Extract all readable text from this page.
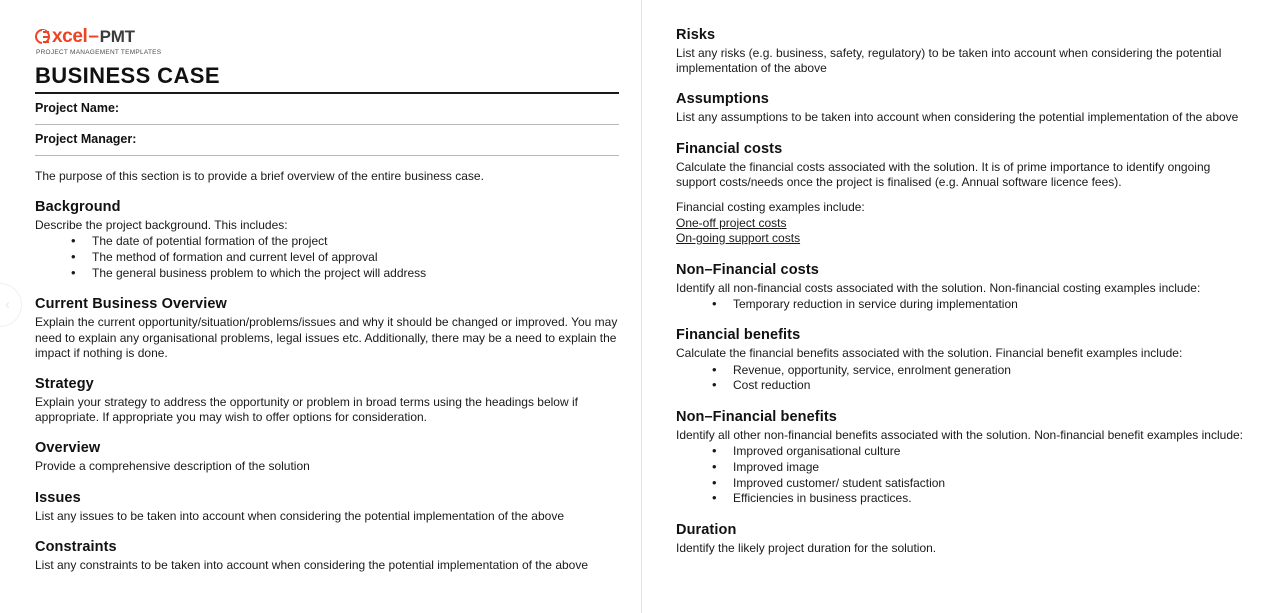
‹
xcel – PMT
PROJECT MANAGEMENT TEMPLATES
BUSINESS CASE
Project Name:
Project Manager:

The purpose of this section is to provide a brief overview of the entire business case.

Background

Describe the project background. This includes:

• The date of potential formation of the project
• The method of formation and current level of approval
• The general business problem to which the project will address
Current Business Overview

Explain the current opportunity/situation/problems/issues and why it should be changed or improved. You may need to explain any organisational problems, legal issues etc. Additionally, there may be a need to explain the impact if nothing is done.

Strategy

Explain your strategy to address the opportunity or problem in broad terms using the headings below if appropriate. If appropriate you may wish to offer options for consideration.

Overview

Provide a comprehensive description of the solution

Issues

List any issues to be taken into account when considering the potential implementation of the above

Constraints

List any constraints to be taken into account when considering the potential implementation of the above

Risks

List any risks (e.g. business, safety, regulatory) to be taken into account when considering the potential implementation of the above

Assumptions

List any assumptions to be taken into account when considering the potential implementation of the above

Financial costs

Calculate the financial costs associated with the solution. It is of prime importance to identify ongoing support costs/needs once the project is finalised (e.g. Annual software licence fees).

Financial costing examples include:
One-off project costs
On-going support costs
Non–Financial costs

Identify all non-financial costs associated with the solution. Non-financial costing examples include:

• Temporary reduction in service during implementation
Financial benefits

Calculate the financial benefits associated with the solution. Financial benefit examples include:

• Revenue, opportunity, service, enrolment generation
• Cost reduction
Non–Financial benefits

Identify all other non-financial benefits associated with the solution. Non-financial benefit examples include:

• Improved organisational culture
• Improved image
• Improved customer/ student satisfaction
• Efficiencies in business practices.
Duration

Identify the likely project duration for the solution.
